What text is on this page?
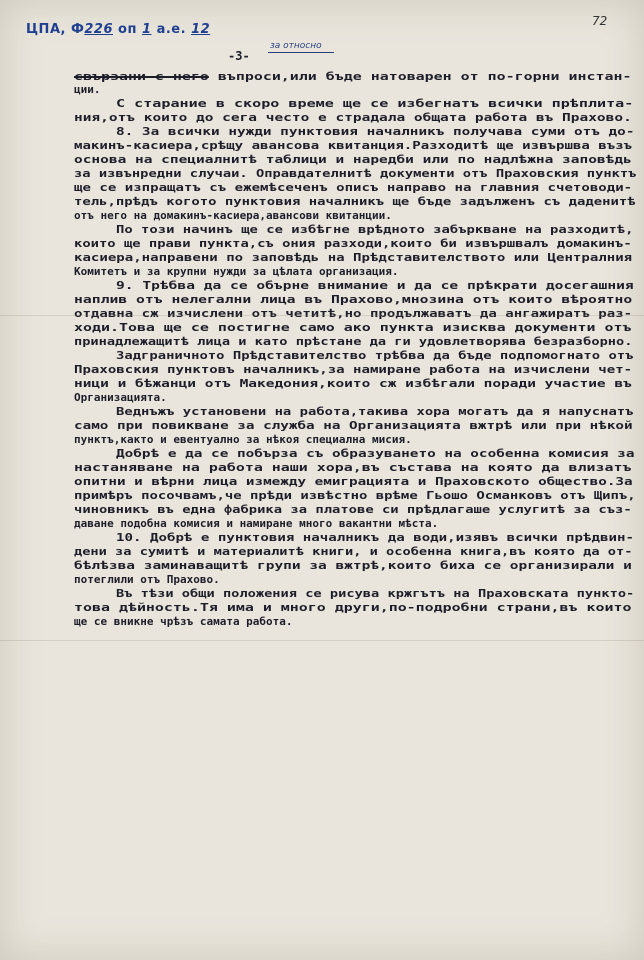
ЦПА, Ф226 оп 1 а.е. 12
72
-3-
за относно
свързани с него въпроси,или бъде натоварен от по-горни инстан-
ции.
С старание в скоро време ще се избегнатъ всички прѣплита-
ния,отъ които до сега често е страдала общата работа въ Прахово.
8. За всички нужди пунктовия началникъ получава суми отъ до-
макинъ-касиера,срѣщу авансова квитанция.Разходитѣ ще извършва възъ
основа на специалнитѣ таблици и наредби или по надлѣжна заповѣдь
за извънредни случаи. Оправдателнитѣ документи отъ Праховския пунктъ
ще се изпращатъ съ ежемѣсеченъ описъ направо на главния счетоводи-
тель,прѣдъ когото пунктовия началникъ ще бъде задълженъ съ даденитѣ
отъ него на домакинъ-касиера,авансови квитанции.
По този начинъ ще се избѣгне врѣдното забъркване на разходитѣ,
които ще прави пункта,съ ония разходи,които би извършвалъ домакинъ-
касиера,направени по заповѣдь на Прѣдставителството или Централния
Комитетъ и за крупни нужди за цѣлата организация.
9. Трѣбва да се обърне внимание и да се прѣкрати досегашния
наплив отъ нелегални лица въ Прахово,мнозина отъ които вѣроятно
отдавна сж изчислени отъ четитѣ,но продължаватъ да ангажиратъ раз-
ходи.Това ще се постигне само ако пункта изисква документи отъ
принадлежащитѣ лица и като прѣстане да ги удовлетворява безразборно.
Задграничното Прѣдставителство трѣбва да бъде подпомогнато отъ
Праховския пунктовъ началникъ,за намиране работа на изчислени чет-
ници и бѣжанци отъ Македония,които сж избѣгали поради участие въ
Организацията.
Веднъжъ установени на работа,такива хора могатъ да я напуснатъ
само при повикване за служба на Организацията вжтрѣ или при нѣкой
пунктъ,както и евентуално за нѣкоя специална мисия.
Добрѣ е да се побърза съ образуването на особенна комисия за
настаняване на работа наши хора,въ състава на която да влизатъ
опитни и вѣрни лица измежду емиграцията и Праховското общество.За
примѣръ посочвамъ,че прѣди извѣстно врѣме Гьошо Османковъ отъ Щипъ,
чиновникъ въ една фабрика за платове си прѣдлагаше услугитѣ за съз-
даване подобна комисия и намиране много вакантни мѣста.
10. Добрѣ е пунктовия началникъ да води,изявъ всички прѣдвин-
дени за сумитѣ и материалитѣ книги, и особенна книга,въ която да от-
бѣлѣзва заминаващитѣ групи за вжтрѣ,които биха се организирали и
потеглили отъ Прахово.
Въ тѣзи общи положения се рисува кржгътъ на Праховската пункто-
това дѣйность.Тя има и много други,по-подробни страни,въ които
ще се вникне чрѣзъ самата работа.
